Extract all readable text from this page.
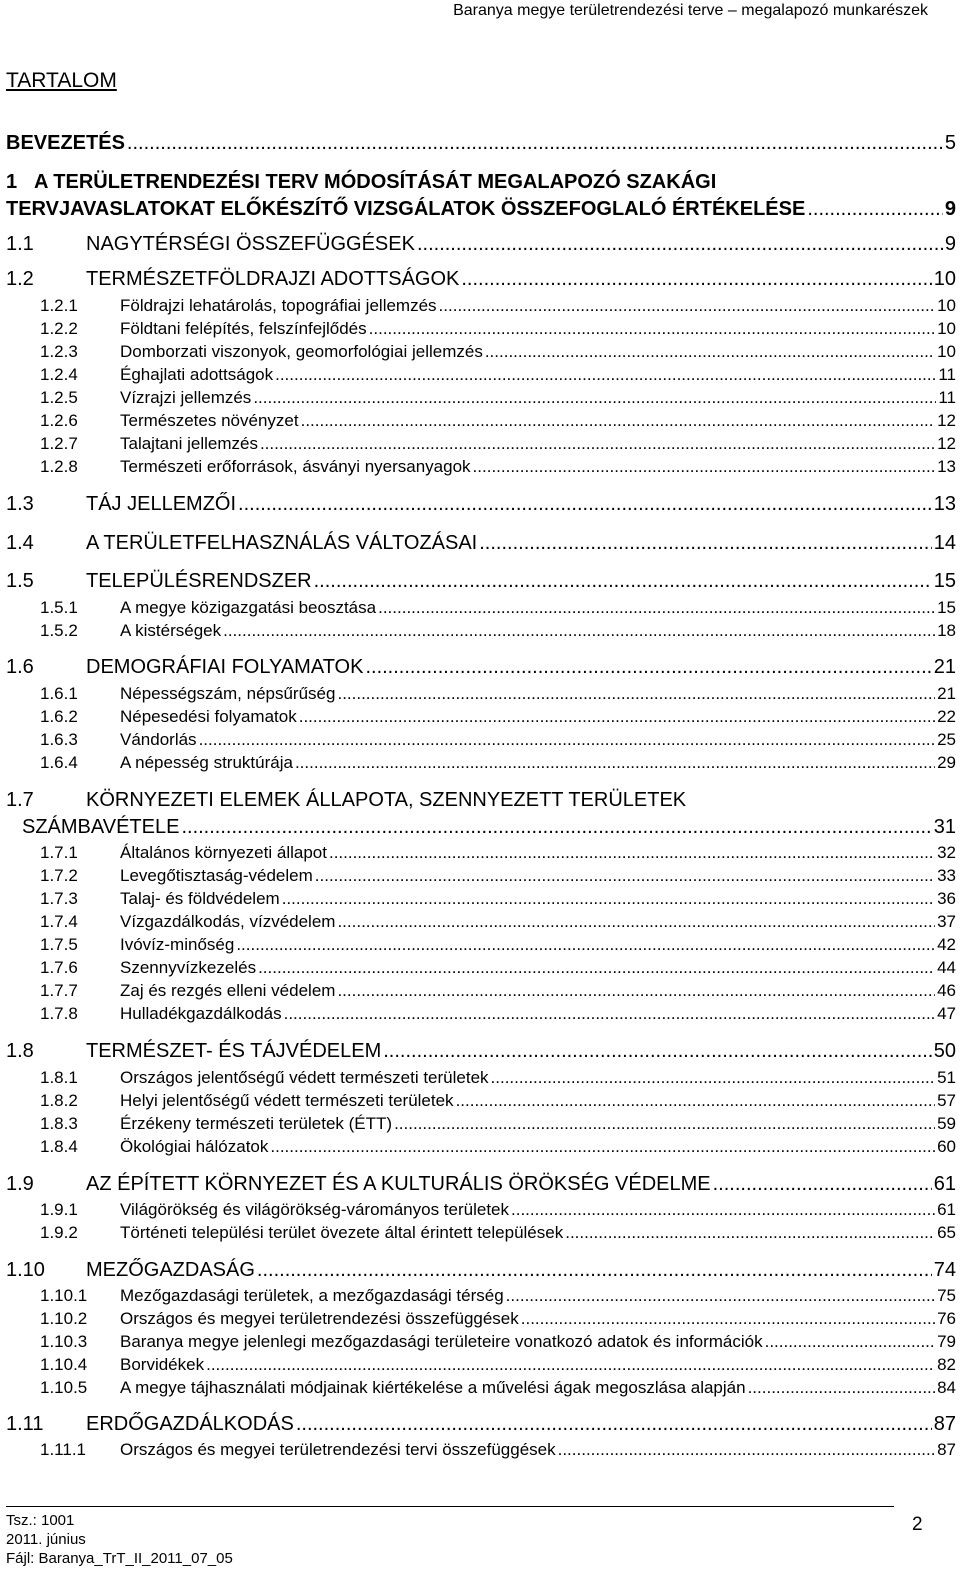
Baranya megye területrendezési terve – megalapozó munkarészek
TARTALOM
BEVEZETÉS .....	5
1 A TERÜLETRENDEZÉSI TERV MÓDOSÍTÁSÁT MEGALAPOZÓ SZAKÁGI
TERVJAVASLATOKAT ELŐKÉSZÍTŐ VIZSGÁLATOK ÖSSZEFOGLALÓ ÉRTÉKELÉSE .....	9
1.1	NAGYTÉRSÉGI ÖSSZEFÜGGÉSEK .....	9
1.2	TERMÉSZETFÖLDRAJZI ADOTTSÁGOK .....	10
1.2.1	Földrajzi lehatárolás, topográfiai jellemzés .....	10
1.2.2	Földtani felépítés, felszínfejlődés .....	10
1.2.3	Domborzati viszonyok, geomorfológiai jellemzés .....	10
1.2.4	Éghajlati adottságok .....	11
1.2.5	Vízrajzi jellemzés .....	11
1.2.6	Természetes növényzet .....	12
1.2.7	Talajtani jellemzés .....	12
1.2.8	Természeti erőforrások, ásványi nyersanyagok .....	13
1.3	TÁJ JELLEMZŐI .....	13
1.4	A TERÜLETFELHASZNÁLÁS VÁLTOZÁSAI .....	14
1.5	TELEPÜLÉSRENDSZER .....	15
1.5.1	A megye közigazgatási beosztása .....	15
1.5.2	A kistérségek .....	18
1.6	DEMOGRÁFIAI FOLYAMATOK .....	21
1.6.1	Népességszám, népsűrűség .....	21
1.6.2	Népesedési folyamatok .....	22
1.6.3	Vándorlás .....	25
1.6.4	A népesség struktúrája .....	29
1.7	KÖRNYEZETI ELEMEK ÁLLAPOTA, SZENNYEZETT TERÜLETEK
SZÁMBAVÉTELE .....	31
1.7.1	Általános környezeti állapot .....	32
1.7.2	Levegőtisztaság-védelem .....	33
1.7.3	Talaj- és földvédelem .....	36
1.7.4	Vízgazdálkodás, vízvédelem .....	37
1.7.5	Ivóvíz-minőség .....	42
1.7.6	Szennyvízkezelés .....	44
1.7.7	Zaj és rezgés elleni védelem .....	46
1.7.8	Hulladékgazdálkodás .....	47
1.8	TERMÉSZET- ÉS TÁJVÉDELEM .....	50
1.8.1	Országos jelentőségű védett természeti területek .....	51
1.8.2	Helyi jelentőségű védett természeti területek .....	57
1.8.3	Érzékeny természeti területek (ÉTT) .....	59
1.8.4	Ökológiai hálózatok .....	60
1.9	AZ ÉPÍTETT KÖRNYEZET ÉS A KULTURÁLIS ÖRÖKSÉG VÉDELME .....	61
1.9.1	Világörökség és világörökség-várományos területek .....	61
1.9.2	Történeti települési terület övezete által érintett települések .....	65
1.10	MEZŐGAZDASÁG .....	74
1.10.1	Mezőgazdasági területek, a mezőgazdasági térség .....	75
1.10.2	Országos és megyei területrendezési összefüggések .....	76
1.10.3	Baranya megye jelenlegi mezőgazdasági területeire vonatkozó adatok és információk .....	79
1.10.4	Borvidékek .....	82
1.10.5	A megye tájhasználati módjainak kiértékelése a művelési ágak megoszlása alapján .....	84
1.11	ERDŐGAZDÁLKODÁS .....	87
1.11.1	Országos és megyei területrendezési tervi összefüggések .....	87
Tsz.: 1001
2011. június
Fájl: Baranya_TrT_II_2011_07_05
2
